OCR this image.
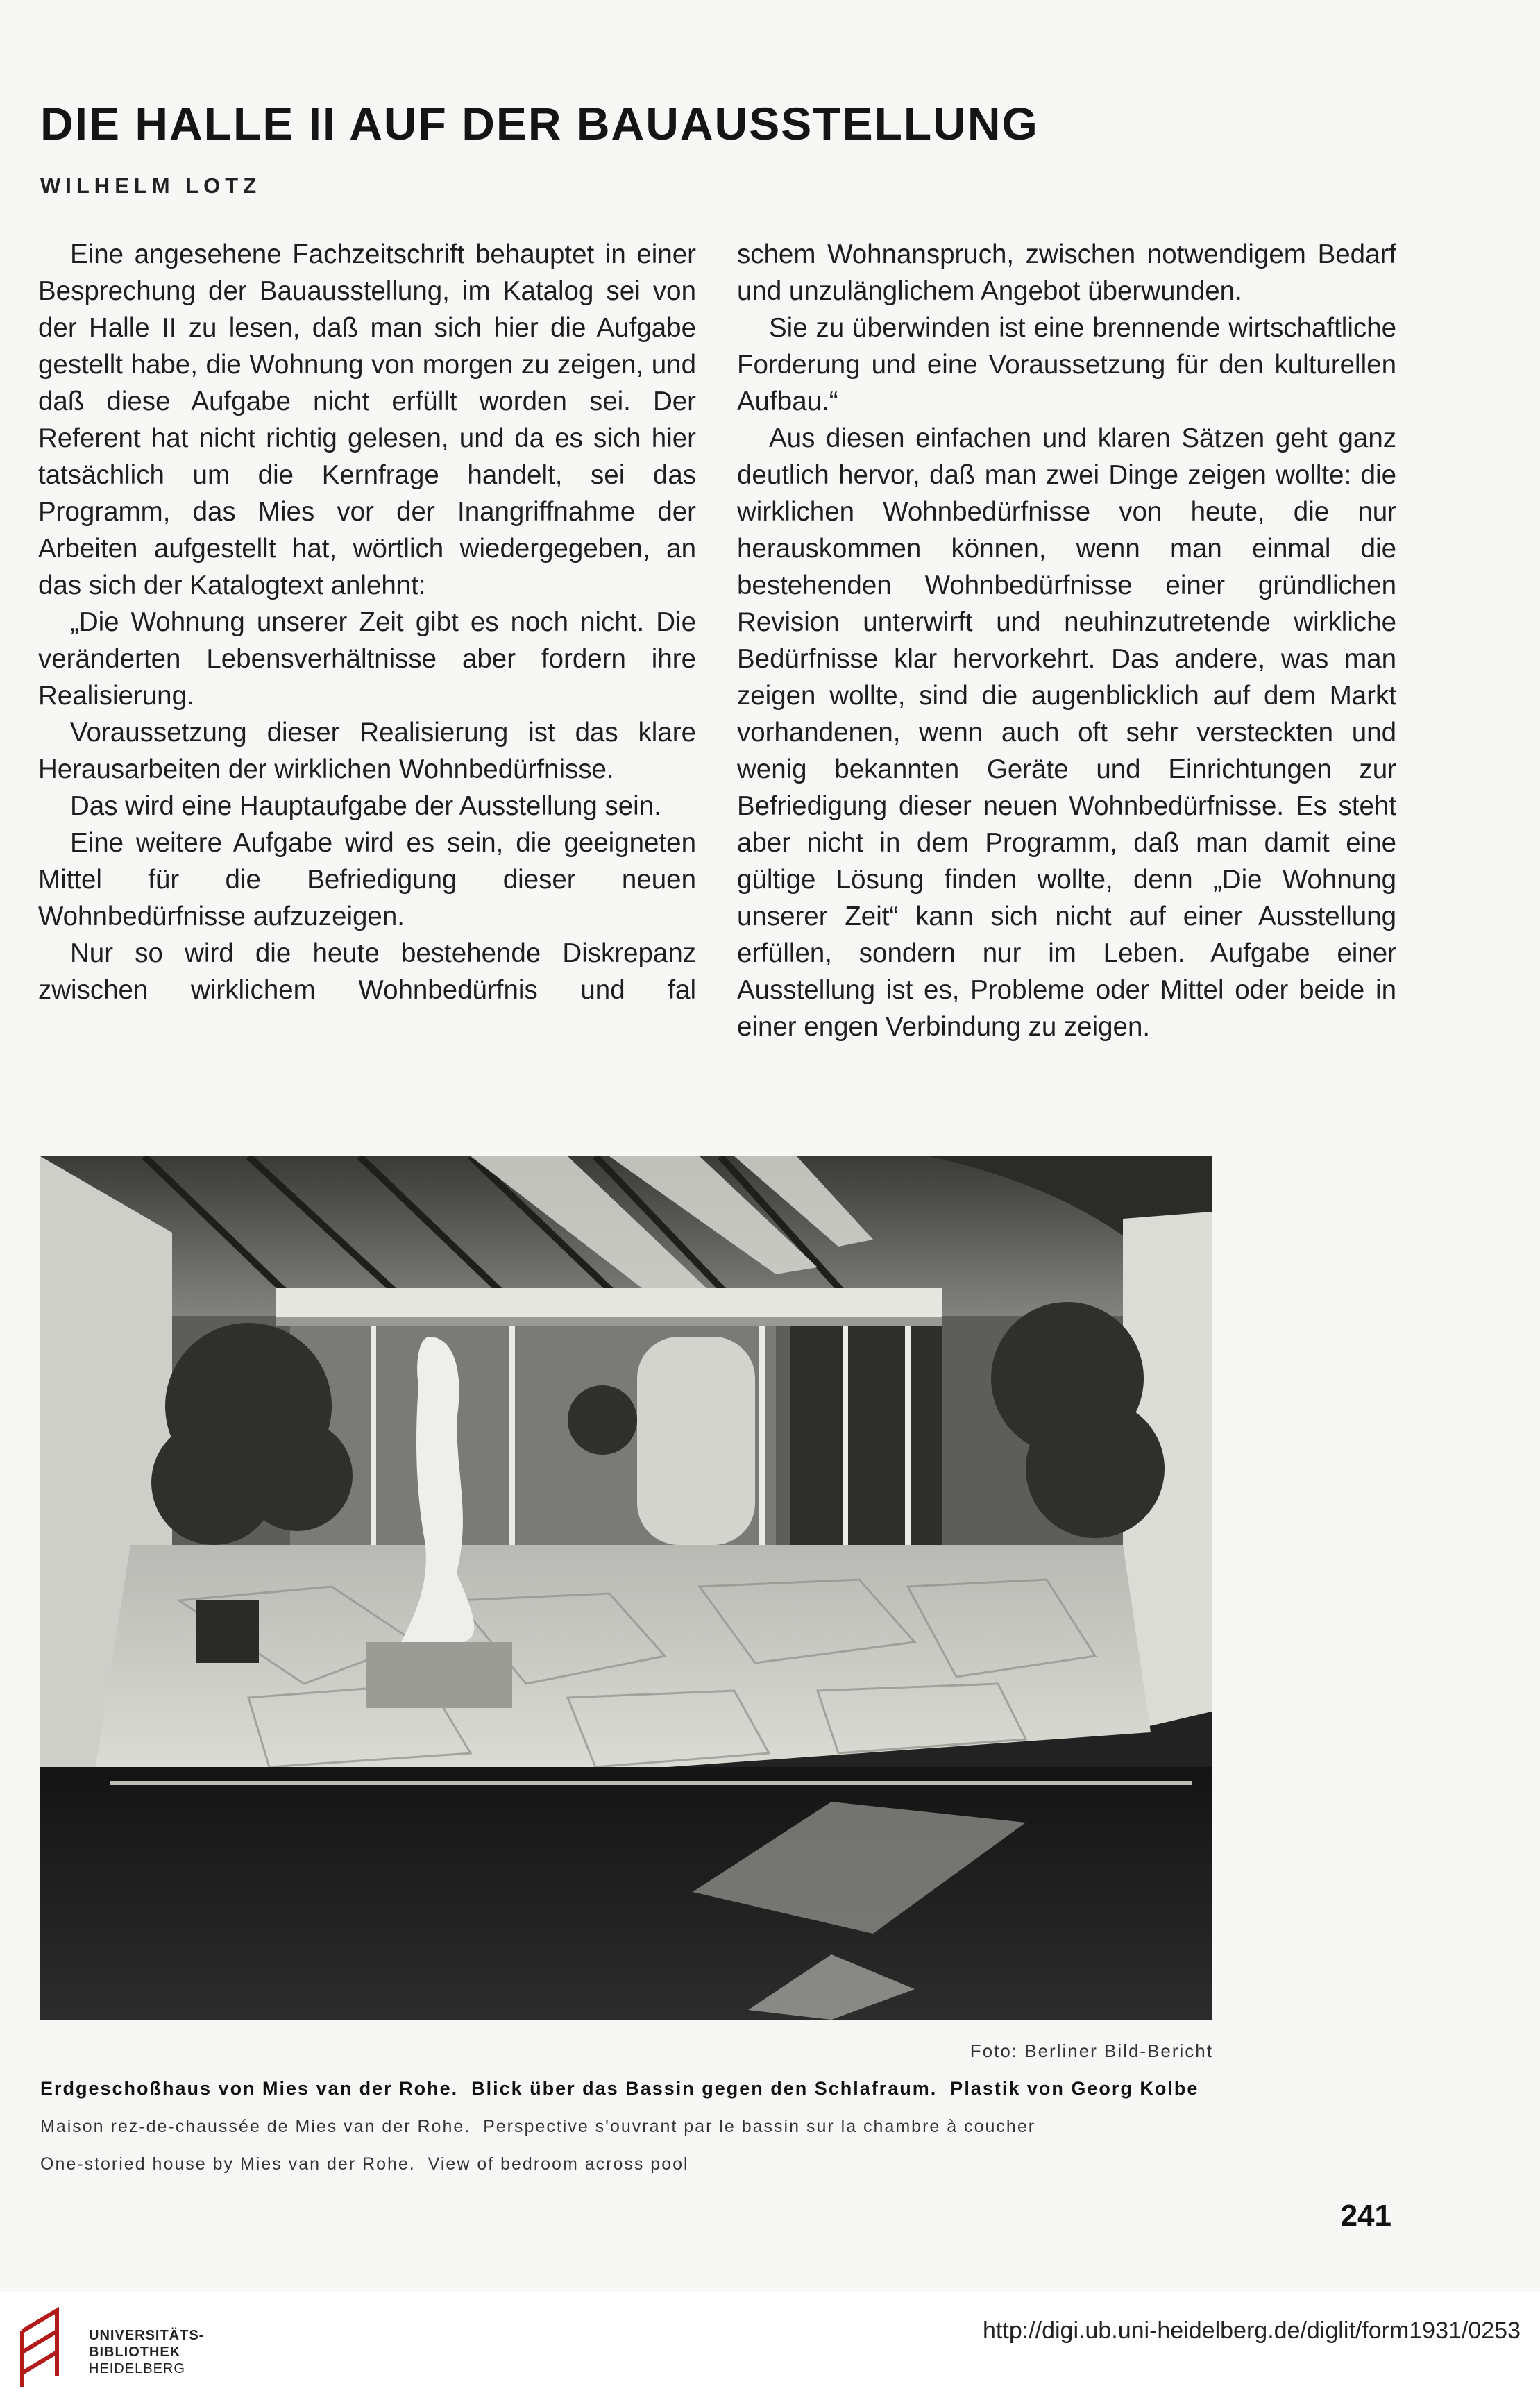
DIE HALLE II AUF DER BAUAUSSTELLUNG
WILHELM LOTZ

Eine angesehene Fachzeitschrift behauptet in einer Besprechung der Bauausstellung, im Katalog sei von der Halle II zu lesen, daß man sich hier die Aufgabe gestellt habe, die Wohnung von morgen zu zeigen, und daß diese Aufgabe nicht erfüllt worden sei. Der Referent hat nicht richtig gelesen, und da es sich hier tatsächlich um die Kernfrage handelt, sei das Programm, das Mies vor der Inangriffnahme der Arbeiten aufgestellt hat, wörtlich wiedergegeben, an das sich der Katalogtext anlehnt:

„Die Wohnung unserer Zeit gibt es noch nicht. Die veränderten Lebensverhältnisse aber fordern ihre Realisierung.

Voraussetzung dieser Realisierung ist das klare Herausarbeiten der wirklichen Wohnbedürfnisse.

Das wird eine Hauptaufgabe der Ausstellung sein.

Eine weitere Aufgabe wird es sein, die geeigneten Mittel für die Befriedigung dieser neuen Wohnbedürfnisse aufzuzeigen.

Nur so wird die heute bestehende Diskrepanz zwischen wirklichem Wohnbedürfnis und fal

schem Wohnanspruch, zwischen notwendigem Bedarf und unzulänglichem Angebot überwunden.

Sie zu überwinden ist eine brennende wirtschaftliche Forderung und eine Voraussetzung für den kulturellen Aufbau.“

Aus diesen einfachen und klaren Sätzen geht ganz deutlich hervor, daß man zwei Dinge zeigen wollte: die wirklichen Wohnbedürfnisse von heute, die nur herauskommen können, wenn man einmal die bestehenden Wohnbedürfnisse einer gründlichen Revision unterwirft und neuhinzutretende wirkliche Bedürfnisse klar hervorkehrt. Das andere, was man zeigen wollte, sind die augenblicklich auf dem Markt vorhandenen, wenn auch oft sehr versteckten und wenig bekannten Geräte und Einrichtungen zur Befriedigung dieser neuen Wohnbedürfnisse. Es steht aber nicht in dem Programm, daß man damit eine gültige Lösung finden wollte, denn „Die Wohnung unserer Zeit“ kann sich nicht auf einer Ausstellung erfüllen, sondern nur im Leben. Aufgabe einer Ausstellung ist es, Probleme oder Mittel oder beide in einer engen Verbindung zu zeigen.

Foto: Berliner Bild-Bericht
Erdgeschoßhaus von Mies van der Rohe.  Blick über das Bassin gegen den Schlafraum.  Plastik von Georg Kolbe
Maison rez-de-chaussée de Mies van der Rohe.  Perspective s'ouvrant par le bassin sur la chambre à coucher
One-storied house by Mies van der Rohe.  View of bedroom across pool
241
UNIVERSITÄTS-
BIBLIOTHEK
HEIDELBERG
http://digi.ub.uni-heidelberg.de/diglit/form1931/0253
